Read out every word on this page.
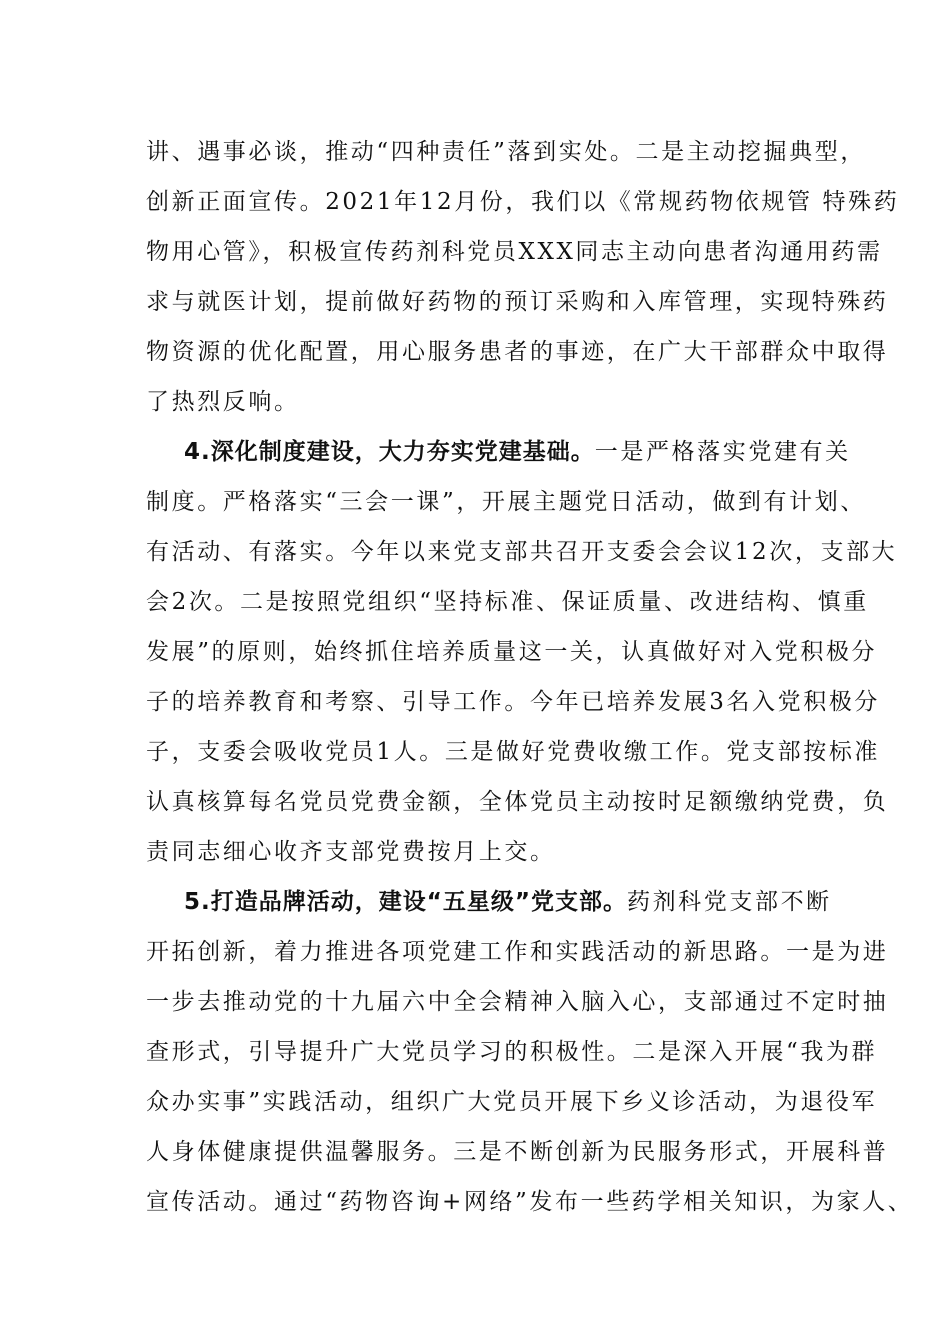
讲、遇事必谈，推动“四种责任”落到实处。二是主动挖掘典型，
创新正面宣传。2021年12月份，我们以《常规药物依规管 特殊药
物用心管》，积极宣传药剂科党员XXX同志主动向患者沟通用药需
求与就医计划，提前做好药物的预订采购和入库管理，实现特殊药
物资源的优化配置，用心服务患者的事迹，在广大干部群众中取得
了热烈反响。
4.深化制度建设，大力夯实党建基础。一是严格落实党建有关
制度。严格落实“三会一课”，开展主题党日活动，做到有计划、
有活动、有落实。今年以来党支部共召开支委会会议12次，支部大
会2次。二是按照党组织“坚持标准、保证质量、改进结构、慎重
发展”的原则，始终抓住培养质量这一关，认真做好对入党积极分
子的培养教育和考察、引导工作。今年已培养发展3名入党积极分
子，支委会吸收党员1人。三是做好党费收缴工作。党支部按标准
认真核算每名党员党费金额，全体党员主动按时足额缴纳党费，负
责同志细心收齐支部党费按月上交。
5.打造品牌活动，建设“五星级”党支部。药剂科党支部不断
开拓创新，着力推进各项党建工作和实践活动的新思路。一是为进
一步去推动党的十九届六中全会精神入脑入心，支部通过不定时抽
查形式，引导提升广大党员学习的积极性。二是深入开展“我为群
众办实事”实践活动，组织广大党员开展下乡义诊活动，为退役军
人身体健康提供温馨服务。三是不断创新为民服务形式，开展科普
宣传活动。通过“药物咨询+网络”发布一些药学相关知识，为家人、
